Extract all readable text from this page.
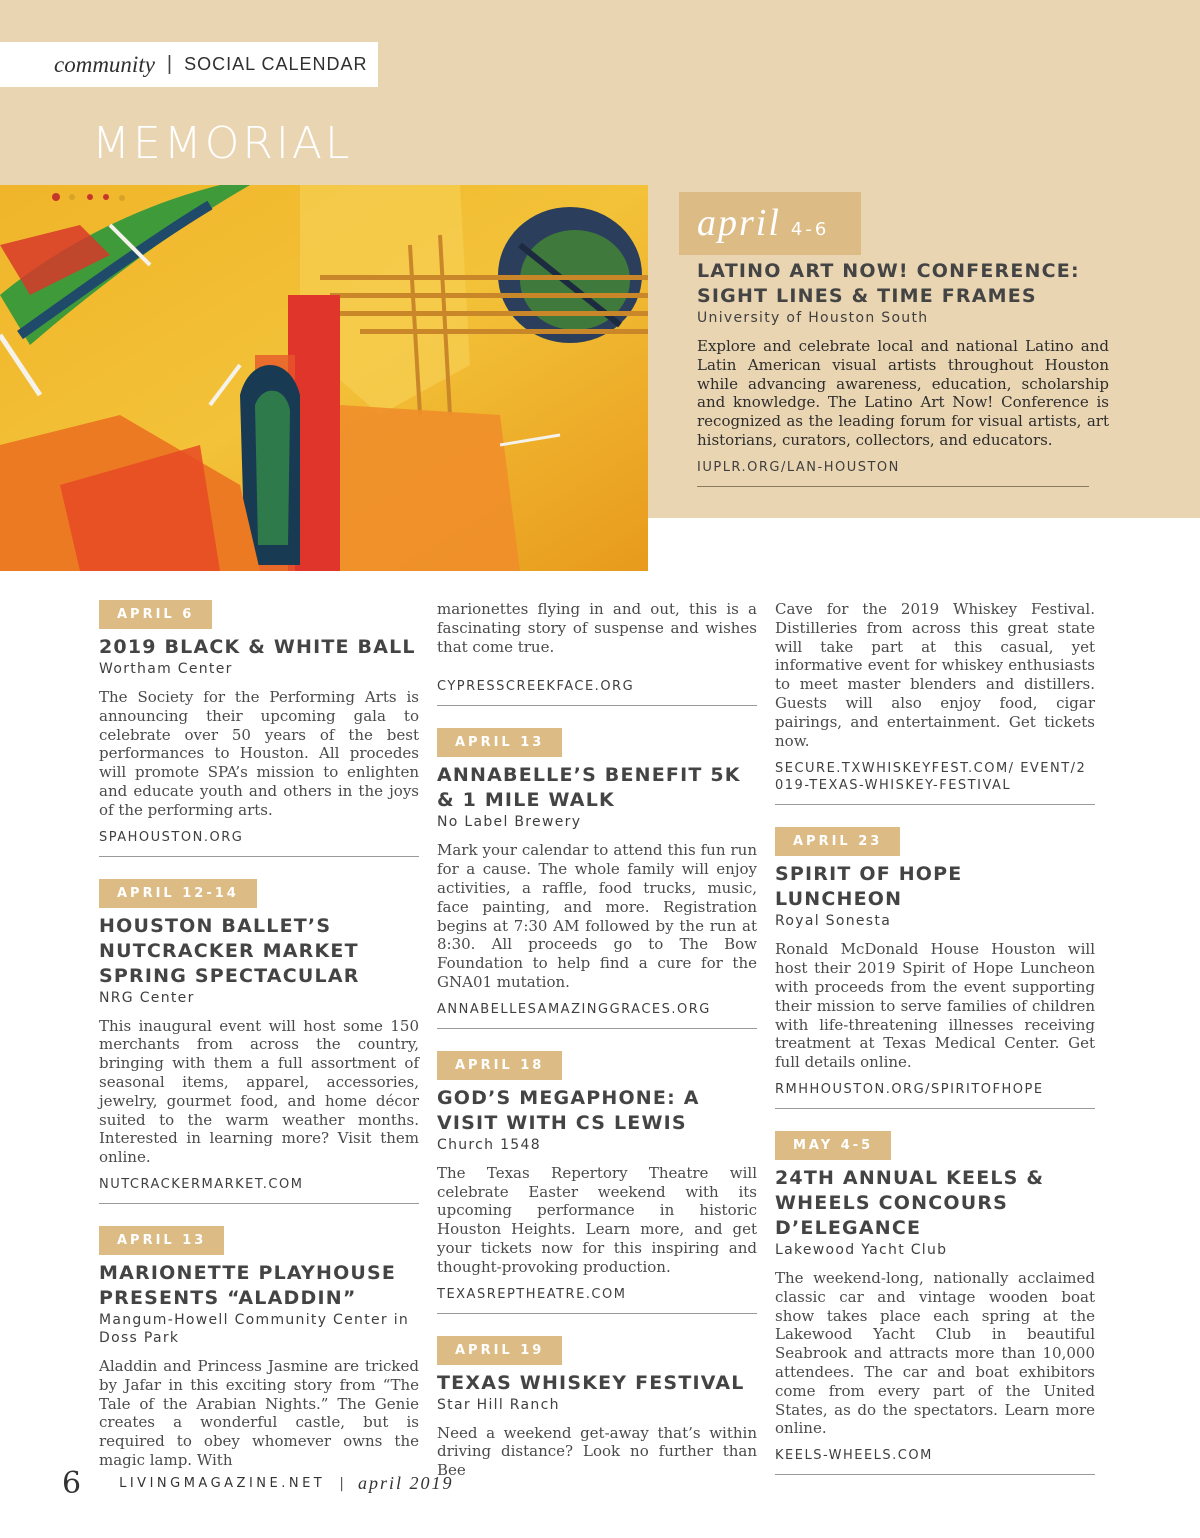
community | SOCIAL CALENDAR
MEMORIAL
april 4-6
LATINO ART NOW! CONFERENCE:
SIGHT LINES & TIME FRAMES
University of Houston South
Explore and celebrate local and national Latino and Latin American visual artists throughout Houston while advancing awareness, education, scholarship and knowledge. The Latino Art Now! Conference is recognized as the leading forum for visual artists, art historians, curators, collectors, and educators.
IUPLR.ORG/LAN-HOUSTON
APRIL 6
2019 BLACK & WHITE BALL
Wortham Center
The Society for the Performing Arts is announcing their upcoming gala to celebrate over 50 years of the best performances to Houston. All procedes will promote SPA’s mission to enlighten and educate youth and others in the joys of the performing arts.
SPAHOUSTON.ORG
APRIL 12-14
HOUSTON BALLET’S NUTCRACKER MARKET SPRING SPECTACULAR
NRG Center
This inaugural event will host some 150 merchants from across the country, bringing with them a full assortment of seasonal items, apparel, accessories, jewelry, gourmet food, and home décor suited to the warm weather months. Interested in learning more? Visit them online.
NUTCRACKERMARKET.COM
APRIL 13
MARIONETTE PLAYHOUSE PRESENTS “ALADDIN”
Mangum-Howell Community Center in Doss Park
Aladdin and Princess Jasmine are tricked by Jafar in this exciting story from “The Tale of the Arabian Nights.” The Genie creates a wonderful castle, but is required to obey whomever owns the magic lamp. With
marionettes flying in and out, this is a fascinating story of suspense and wishes that come true.
CYPRESSCREEKFACE.ORG
APRIL 13
ANNABELLE’S BENEFIT 5K & 1 MILE WALK
No Label Brewery
Mark your calendar to attend this fun run for a cause. The whole family will enjoy activities, a raffle, food trucks, music, face painting, and more. Registration begins at 7:30 AM followed by the run at 8:30. All proceeds go to The Bow Foundation to help find a cure for the GNA01 mutation.
ANNABELLESAMAZINGGRACES.ORG
APRIL 18
GOD’S MEGAPHONE: A VISIT WITH CS LEWIS
Church 1548
The Texas Repertory Theatre will celebrate Easter weekend with its upcoming performance in historic Houston Heights. Learn more, and get your tickets now for this inspiring and thought-provoking production.
TEXASREPTHEATRE.COM
APRIL 19
TEXAS WHISKEY FESTIVAL
Star Hill Ranch
Need a weekend get-away that’s within driving distance? Look no further than Bee
Cave for the 2019 Whiskey Festival. Distilleries from across this great state will take part at this casual, yet informative event for whiskey enthusiasts to meet master blenders and distillers. Guests will also enjoy food, cigar pairings, and entertainment. Get tickets now.
SECURE.TXWHISKEYFEST.COM/ EVENT/2019-TEXAS-WHISKEY-FESTIVAL
APRIL 23
SPIRIT OF HOPE LUNCHEON
Royal Sonesta
Ronald McDonald House Houston will host their 2019 Spirit of Hope Luncheon with proceeds from the event supporting their mission to serve families of children with life-threatening illnesses receiving treatment at Texas Medical Center. Get full details online.
RMHHOUSTON.ORG/SPIRITOFHOPE
MAY 4-5
24TH ANNUAL KEELS & WHEELS CONCOURS D’ELEGANCE
Lakewood Yacht Club
The weekend-long, nationally acclaimed classic car and vintage wooden boat show takes place each spring at the Lakewood Yacht Club in beautiful Seabrook and attracts more than 10,000 attendees. The car and boat exhibitors come from every part of the United States, as do the spectators. Learn more online.
KEELS-WHEELS.COM
6	LIVINGMAGAZINE.NET | april 2019
